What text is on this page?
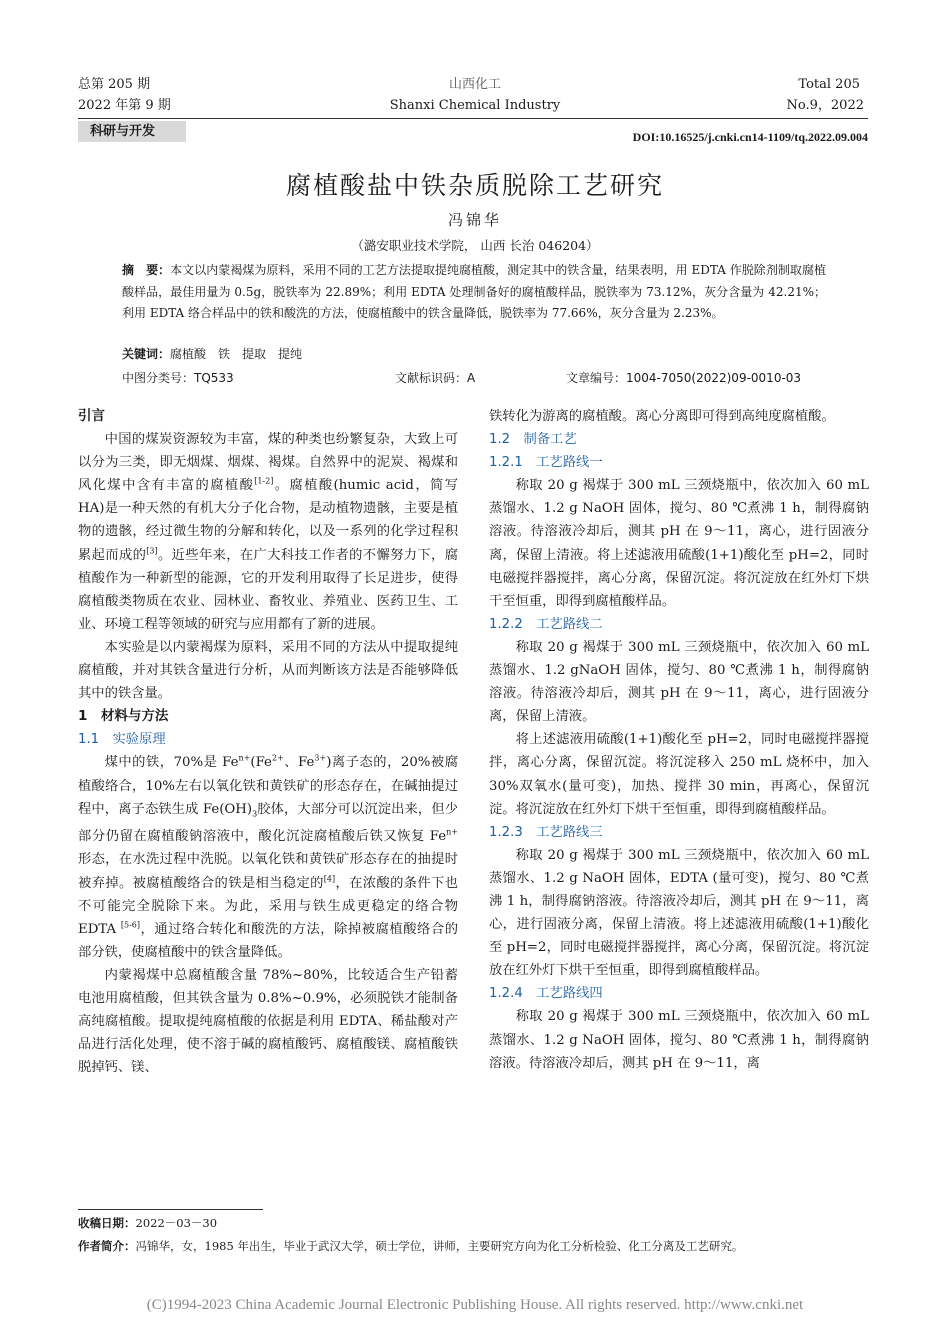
总第 205 期
2022 年第 9 期
山西化工
Shanxi Chemical Industry
Total 205
No.9，2022
科研与开发	DOI:10.16525/j.cnki.cn14-1109/tq.2022.09.004
腐植酸盐中铁杂质脱除工艺研究
冯锦华
（潞安职业技术学院， 山西 长治 046204）
摘　要：本文以内蒙褐煤为原料，采用不同的工艺方法提取提纯腐植酸，测定其中的铁含量，结果表明，用 EDTA 作脱除剂制取腐植酸样品，最佳用量为 0.5g，脱铁率为 22.89%；利用 EDTA 处理制备好的腐植酸样品，脱铁率为 73.12%，灰分含量为 42.21%；利用 EDTA 络合样品中的铁和酸洗的方法，使腐植酸中的铁含量降低，脱铁率为 77.66%，灰分含量为 2.23%。
关键词：腐植酸　铁　提取　提纯
中图分类号：TQ533	文献标识码：A	文章编号：1004-7050(2022)09-0010-03
引言
中国的煤炭资源较为丰富，煤的种类也纷繁复杂，大致上可以分为三类，即无烟煤、烟煤、褐煤。自然界中的泥炭、褐煤和风化煤中含有丰富的腐植酸[1-2]。腐植酸(humic acid，简写 HA)是一种天然的有机大分子化合物，是动植物遗骸，主要是植物的遗骸，经过微生物的分解和转化，以及一系列的化学过程积累起而成的[3]。近些年来，在广大科技工作者的不懈努力下，腐植酸作为一种新型的能源，它的开发利用取得了长足进步，使得腐植酸类物质在农业、园林业、畜牧业、养殖业、医药卫生、工业、环境工程等领域的研究与应用都有了新的进展。
本实验是以内蒙褐煤为原料，采用不同的方法从中提取提纯腐植酸，并对其铁含量进行分析，从而判断该方法是否能够降低其中的铁含量。
1　材料与方法
1.1　实验原理
煤中的铁，70%是 $Fe^{n+}(Fe^{2+}$、$Fe^{3+}$)离子态的，20%被腐植酸络合，10%左右以氧化铁和黄铁矿的形态存在，在碱抽提过程中，离子态铁生成 $Fe(OH)_3$胶体，大部分可以沉淀出来，但少部分仍留在腐植酸钠溶液中，酸化沉淀腐植酸后铁又恢复 $Fe^{n+}$ 形态，在水洗过程中洗脱。以氧化铁和黄铁矿形态存在的抽提时被弃掉。被腐植酸络合的铁是相当稳定的[4]，在浓酸的条件下也不可能完全脱除下来。为此，采用与铁生成更稳定的络合物 EDTA [5-6]，通过络合转化和酸洗的方法，除掉被腐植酸络合的部分铁，使腐植酸中的铁含量降低。
内蒙褐煤中总腐植酸含量 78%~80%，比较适合生产铅蓄电池用腐植酸，但其铁含量为 0.8%~0.9%，必须脱铁才能制备高纯腐植酸。提取提纯腐植酸的依据是利用 EDTA、稀盐酸对产品进行活化处理，使不溶于碱的腐植酸钙、腐植酸镁、腐植酸铁脱掉钙、镁、
铁转化为游离的腐植酸。离心分离即可得到高纯度腐植酸。
1.2　制备工艺
1.2.1　工艺路线一
称取 20 g 褐煤于 300 mL 三颈烧瓶中，依次加入 60 mL 蒸馏水、1.2 g NaOH 固体，搅匀、80 ℃煮沸 1 h，制得腐钠溶液。待溶液冷却后，测其 pH 在 9～11，离心，进行固液分离，保留上清液。将上述滤液用硫酸(1+1)酸化至 pH=2，同时电磁搅拌器搅拌，离心分离，保留沉淀。将沉淀放在红外灯下烘干至恒重，即得到腐植酸样品。
1.2.2　工艺路线二
称取 20 g 褐煤于 300 mL 三颈烧瓶中，依次加入 60 mL 蒸馏水、1.2 gNaOH 固体，搅匀、80 ℃煮沸 1 h，制得腐钠溶液。待溶液冷却后，测其 pH 在 9～11，离心，进行固液分离，保留上清液。
将上述滤液用硫酸(1+1)酸化至 pH=2，同时电磁搅拌器搅拌，离心分离，保留沉淀。将沉淀移入 250 mL 烧杯中，加入 30%双氧水(量可变)，加热、搅拌 30 min，再离心，保留沉淀。将沉淀放在红外灯下烘干至恒重，即得到腐植酸样品。
1.2.3　工艺路线三
称取 20 g 褐煤于 300 mL 三颈烧瓶中，依次加入 60 mL 蒸馏水、1.2 g NaOH 固体，EDTA (量可变)，搅匀、80 ℃煮沸 1 h，制得腐钠溶液。待溶液冷却后，测其 pH 在 9～11，离心，进行固液分离，保留上清液。将上述滤液用硫酸(1+1)酸化至 pH=2，同时电磁搅拌器搅拌，离心分离，保留沉淀。将沉淀放在红外灯下烘干至恒重，即得到腐植酸样品。
1.2.4　工艺路线四
称取 20 g 褐煤于 300 mL 三颈烧瓶中，依次加入 60 mL 蒸馏水、1.2 g NaOH 固体，搅匀、80 ℃煮沸 1 h，制得腐钠溶液。待溶液冷却后，测其 pH 在 9～11，离
收稿日期：2022－03－30
作者简介：冯锦华，女，1985 年出生，毕业于武汉大学，硕士学位，讲师，主要研究方向为化工分析检验、化工分离及工艺研究。
(C)1994-2023 China Academic Journal Electronic Publishing House. All rights reserved. http://www.cnki.net
